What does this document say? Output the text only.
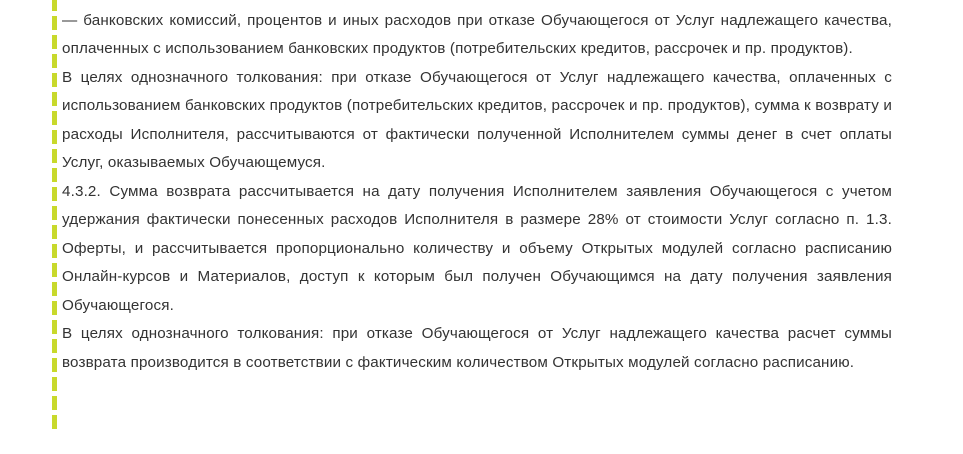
— банковских комиссий, процентов и иных расходов при отказе Обучающегося от Услуг надлежащего качества, оплаченных с использованием банковских продуктов (потребительских кредитов, рассрочек и пр. продуктов).

В целях однозначного толкования: при отказе Обучающегося от Услуг надлежащего качества, оплаченных с использованием банковских продуктов (потребительских кредитов, рассрочек и пр. продуктов), сумма к возврату и расходы Исполнителя, рассчитываются от фактически полученной Исполнителем суммы денег в счет оплаты Услуг, оказываемых Обучающемуся.

4.3.2. Сумма возврата рассчитывается на дату получения Исполнителем заявления Обучающегося с учетом удержания фактически понесенных расходов Исполнителя в размере 28% от стоимости Услуг согласно п. 1.3. Оферты, и рассчитывается пропорционально количеству и объему Открытых модулей согласно расписанию Онлайн-курсов и Материалов, доступ к которым был получен Обучающимся на дату получения заявления Обучающегося.

В целях однозначного толкования: при отказе Обучающегося от Услуг надлежащего качества расчет суммы возврата производится в соответствии с фактическим количеством Открытых модулей согласно расписанию.
